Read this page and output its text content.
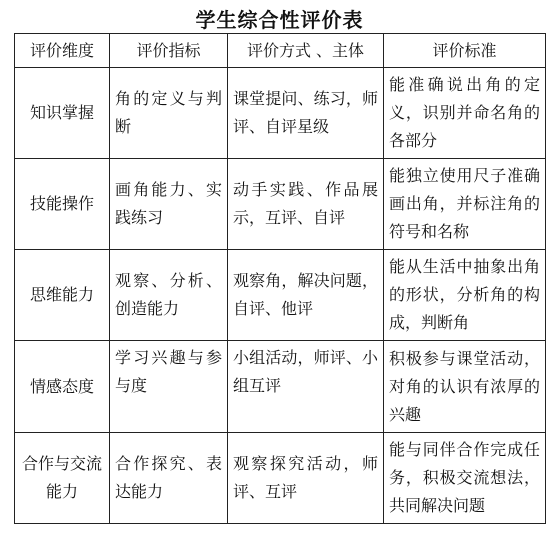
学生综合性评价表
评价维度	评价指标	评价方式 、主体	评价标准
知识掌握	角的定义与判断	课堂提问、练习，师评、自评星级	能准确说出角的定义，识别并命名角的各部分
技能操作	画角能力、实践练习	动手实践、作品展示，互评、自评	能独立使用尺子准确画出角，并标注角的符号和名称
思维能力	观察、分析、创造能力	观察角，解决问题，自评、他评	能从生活中抽象出角的形状，分析角的构成，判断角
情感态度	学习兴趣与参与度	小组活动，师评、小组互评	积极参与课堂活动，对角的认识有浓厚的兴趣
合作与交流能力	合作探究、表达能力	观察探究活动，师评、互评	能与同伴合作完成任务，积极交流想法，共同解决问题
